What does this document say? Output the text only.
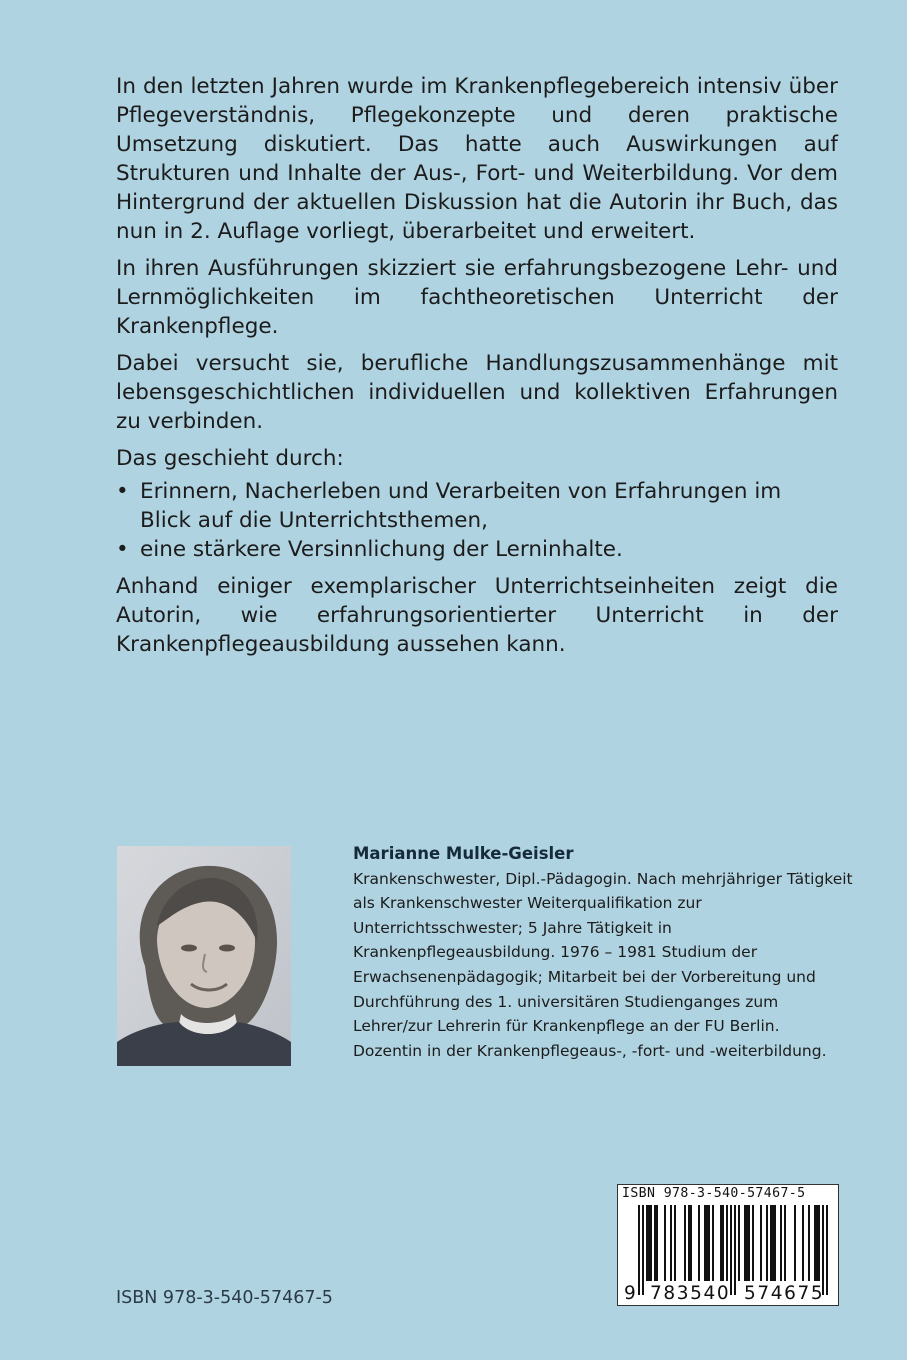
In den letzten Jahren wurde im Krankenpflegebereich intensiv über Pflegeverständnis, Pflegekonzepte und deren praktische Umsetzung diskutiert. Das hatte auch Auswirkungen auf Strukturen und Inhalte der Aus-, Fort- und Weiterbildung. Vor dem Hintergrund der aktuellen Diskussion hat die Autorin ihr Buch, das nun in 2. Auflage vorliegt, überarbeitet und erweitert.

In ihren Ausführungen skizziert sie erfahrungsbezogene Lehr- und Lernmöglichkeiten im fachtheoretischen Unterricht der Krankenpflege.

Dabei versucht sie, berufliche Handlungszusammenhänge mit lebensgeschichtlichen individuellen und kollektiven Erfahrungen zu verbinden.

Das geschieht durch:

• Erinnern, Nacherleben und Verarbeiten von Erfahrungen im Blick auf die Unterrichtsthemen,
• eine stärkere Versinnlichung der Lerninhalte.

Anhand einiger exemplarischer Unterrichtseinheiten zeigt die Autorin, wie erfahrungsorientierter Unterricht in der Krankenpflegeausbildung aussehen kann.

Marianne Mulke-Geisler
Krankenschwester, Dipl.-Pädagogin. Nach mehrjähriger Tätigkeit als Krankenschwester Weiterqualifikation zur Unterrichtsschwester; 5 Jahre Tätigkeit in Krankenpflegeausbildung. 1976 – 1981 Studium der Erwachsenenpädagogik; Mitarbeit bei der Vorbereitung und Durchführung des 1. universitären Studienganges zum Lehrer/zur Lehrerin für Krankenpflege an der FU Berlin. Dozentin in der Krankenpflegeaus-, -fort- und -weiterbildung.
ISBN 978-3-540-57467-5
ISBN 978-3-540-57467-5
9 783540 574675
